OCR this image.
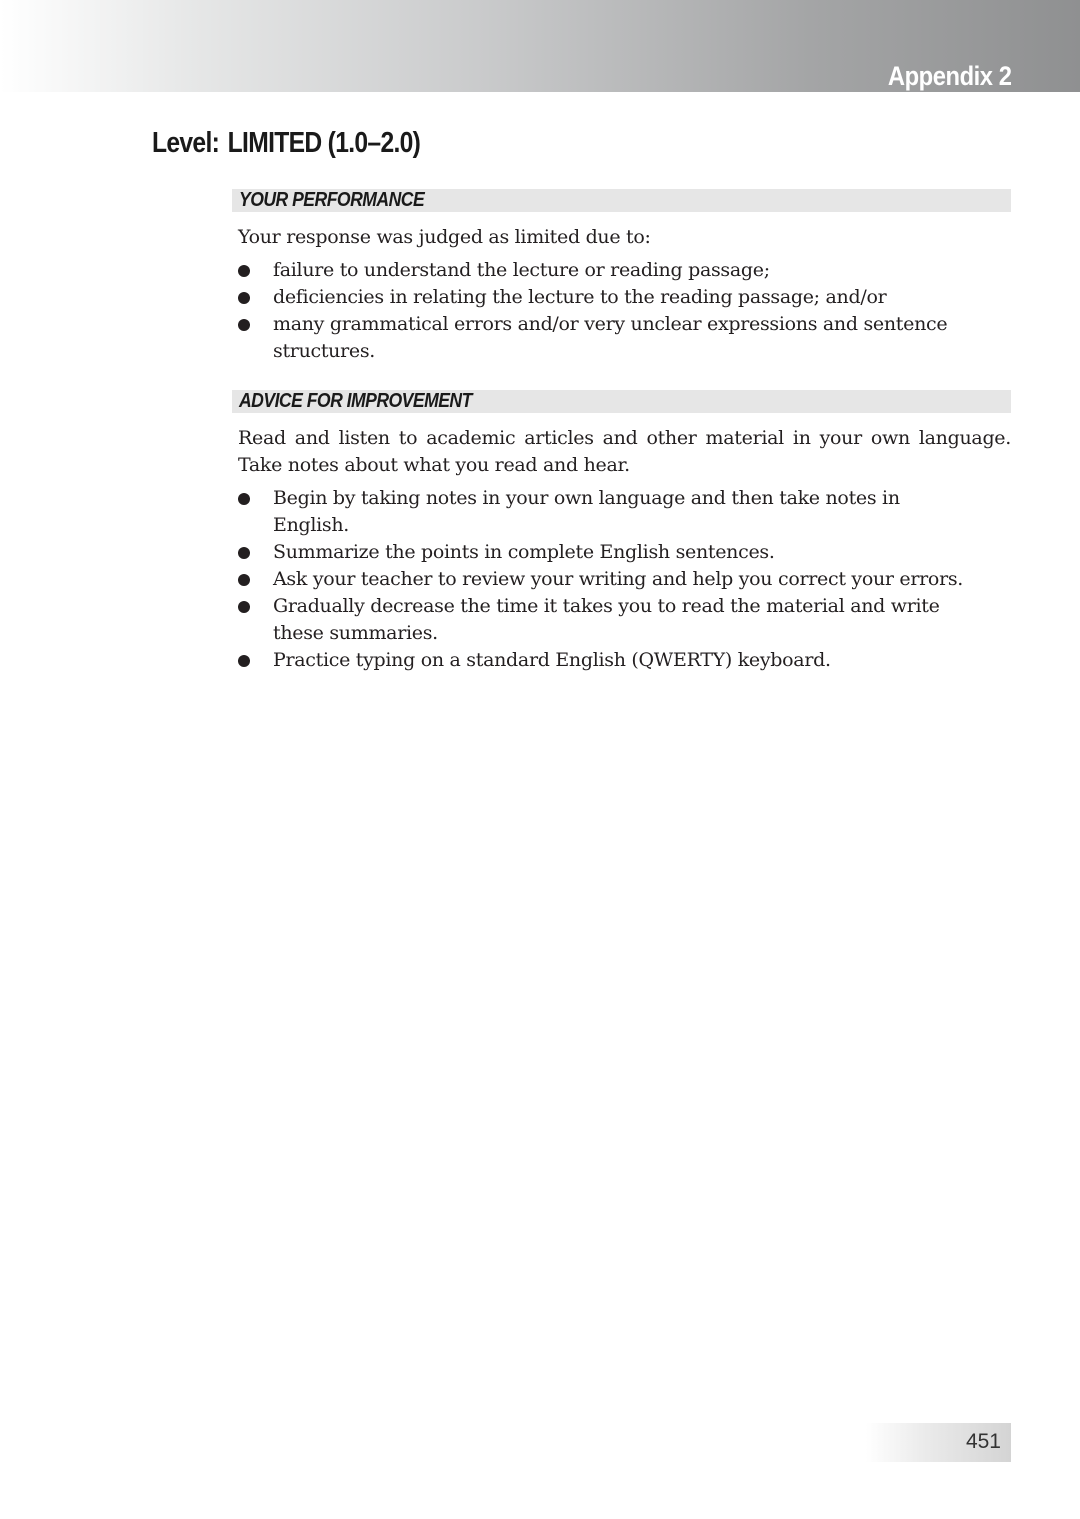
Appendix 2
Level: LIMITED (1.0–2.0)
YOUR PERFORMANCE

Your response was judged as limited due to:

failure to understand the lecture or reading passage;
deficiencies in relating the lecture to the reading passage; and/or
many grammatical errors and/or very unclear expressions and sentence structures.
ADVICE FOR IMPROVEMENT

Read and listen to academic articles and other material in your own language. Take notes about what you read and hear.

Begin by taking notes in your own language and then take notes in English.
Summarize the points in complete English sentences.
Ask your teacher to review your writing and help you correct your errors.
Gradually decrease the time it takes you to read the material and write these summaries.
Practice typing on a standard English (QWERTY) keyboard.
451
